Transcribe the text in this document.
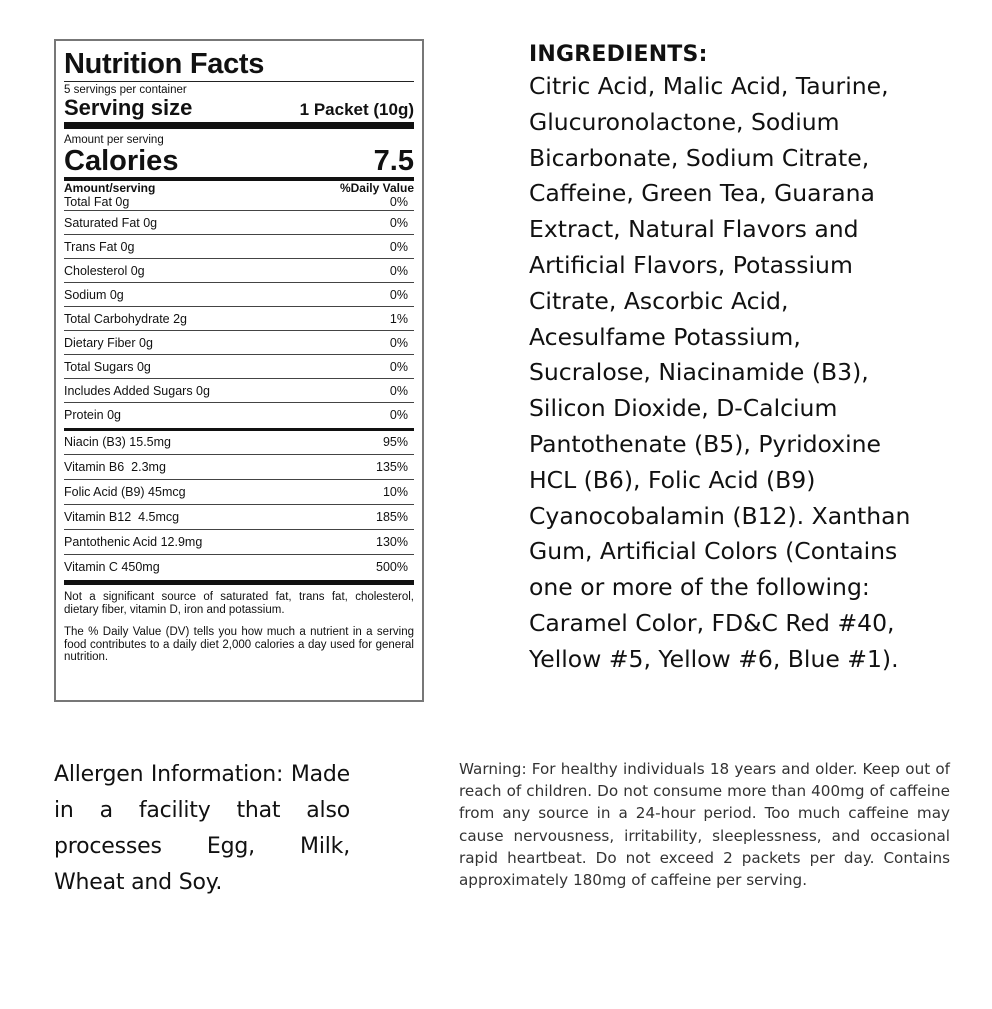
Nutrition Facts
5 servings per container
Serving size	1 Packet (10g)
Amount per serving
Calories	7.5
Amount/serving	%Daily Value
Total Fat 0g	0%
Saturated Fat 0g	0%
Trans Fat 0g	0%
Cholesterol 0g	0%
Sodium 0g	0%
Total Carbohydrate 2g	1%
Dietary Fiber 0g	0%
Total Sugars 0g	0%
Includes Added Sugars 0g	0%
Protein 0g	0%
Niacin (B3) 15.5mg	95%
Vitamin B6  2.3mg	135%
Folic Acid (B9) 45mcg	10%
Vitamin B12  4.5mcg	185%
Pantothenic Acid 12.9mg	130%
Vitamin C 450mg	500%

Not a significant source of saturated fat, trans fat, cholesterol, dietary fiber, vitamin D, iron and potassium.

The % Daily Value (DV) tells you how much a nutrient in a serving food contributes to a daily diet 2,000 calories a day used for general nutrition.

INGREDIENTS:
Citric Acid, Malic Acid, Taurine, Glucuronolactone, Sodium Bicarbonate, Sodium Citrate, Caffeine, Green Tea, Guarana Extract, Natural Flavors and Artificial Flavors, Potassium Citrate, Ascorbic Acid, Acesulfame Potassium, Sucralose, Niacinamide (B3), Silicon Dioxide, D-Calcium Pantothenate (B5), Pyridoxine HCL (B6), Folic Acid (B9) Cyanocobalamin (B12). Xanthan Gum, Artificial Colors (Contains one or more of the following: Caramel Color, FD&C Red #40, Yellow #5, Yellow #6, Blue #1).
Allergen Information: Made in a facility that also processes Egg, Milk, Wheat and Soy.
Warning: For healthy individuals 18 years and older. Keep out of reach of children. Do not consume more than 400mg of caffeine from any source in a 24-hour period. Too much caffeine may cause nervousness, irritability, sleeplessness, and occasional rapid heartbeat. Do not exceed 2 packets per day. Contains approximately 180mg of caffeine per serving.
